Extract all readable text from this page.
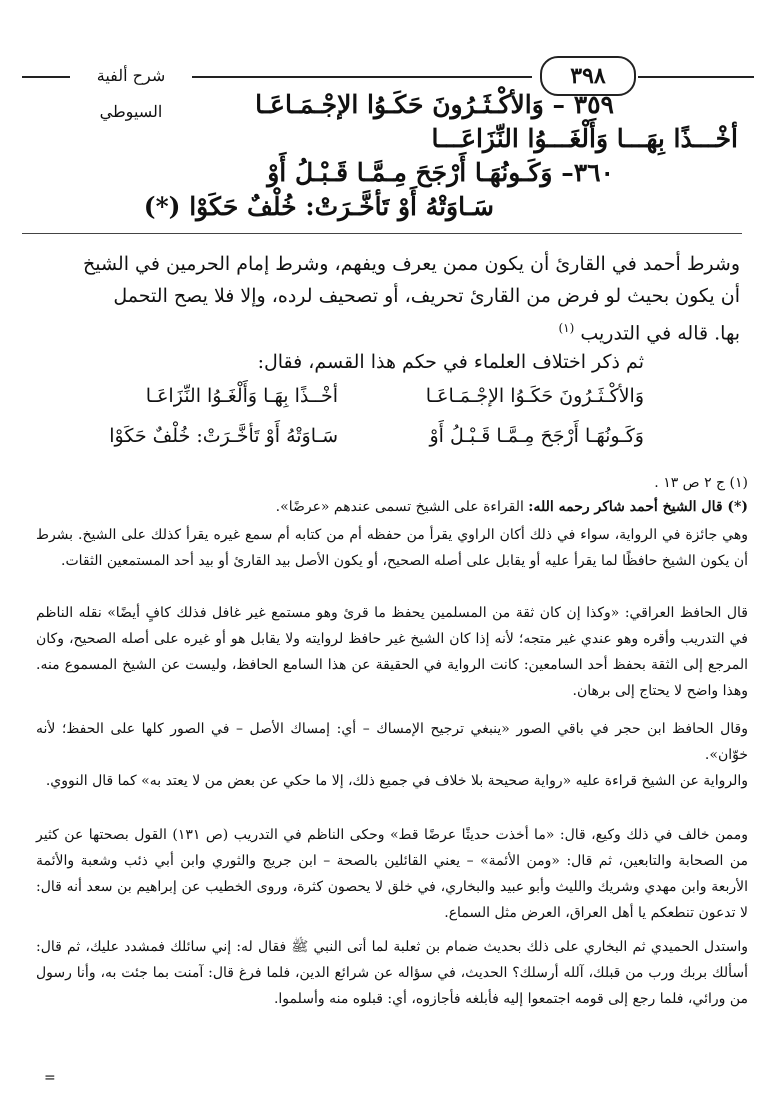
شرح ألفية السيوطي
٣٩٨
٣٥٩ – وَالأكْـثَـرُونَ حَكَـوُا الإجْـمَـاعَـا
أخْـــذًا بِهَـــا وَأَلْغَـــوُا النِّزَاعَـــا
٣٦٠– وَكَـونُهَـا أَرْجَحَ مِـمَّـا قَـبْـلُ أَوْ
سَـاوَتْهُ أَوْ تَأخَّـرَتْ: خُلْفٌ حَكَوْا (*)
وشرط أحمد في القارئ أن يكون ممن يعرف ويفهم، وشرط إمام الحرمين في الشيخ
أن يكون بحيث لو فرض من القارئ تحريف، أو تصحيف لرده، وإلا فلا يصح التحمل
بها. قاله في التدريب $^{(١)}$
ثم ذكر اختلاف العلماء في حكم هذا القسم، فقال:
وَالأكْـثَـرُونَ حَكَـوُا الإجْـمَـاعَـا
أخْــذًا بِهَـا وَأَلْغَـوُا النِّزَاعَـا
وَكَـونُهَـا أَرْجَحَ مِـمَّـا قَـبْـلُ أَوْ
سَـاوَتْهُ أَوْ تَأخَّـرَتْ: خُلْفٌ حَكَوْا
(١) ج ٢ ص ١٣ .
(*) قال الشيخ أحمد شاكر رحمه الله: القراءة على الشيخ تسمى عندهم «عرضًا».
وهي جائزة في الرواية، سواء في ذلك أكان الراوي يقرأ من حفظه أم من كتابه أم سمع غيره يقرأ كذلك على الشيخ. بشرط أن يكون الشيخ حافظًا لما يقرأ عليه أو يقابل على أصله الصحيح، أو يكون الأصل بيد القارئ أو بيد أحد المستمعين الثقات.
قال الحافظ العراقي: «وكذا إن كان ثقة من المسلمين يحفظ ما قرئ وهو مستمع غير غافل فذلك كافٍ أيضًا» نقله الناظم في التدريب وأقره وهو عندي غير متجه؛ لأنه إذا كان الشيخ غير حافظ لروايته ولا يقابل هو أو غيره على أصله الصحيح، وكان المرجع إلى الثقة بحفظ أحد السامعين: كانت الرواية في الحقيقة عن هذا السامع الحافظ، وليست عن الشيخ المسموع منه. وهذا واضح لا يحتاج إلى برهان.
وقال الحافظ ابن حجر في باقي الصور «ينبغي ترجيح الإمساك – أي: إمساك الأصل – في الصور كلها على الحفظ؛ لأنه خوّان».
والرواية عن الشيخ قراءة عليه «رواية صحيحة بلا خلاف في جميع ذلك، إلا ما حكي عن بعض من لا يعتد به» كما قال النووي.
وممن خالف في ذلك وكيع، قال: «ما أخذت حديثًا عرضًا قط» وحكى الناظم في التدريب (ص ١٣١) القول بصحتها عن كثير من الصحابة والتابعين، ثم قال: «ومن الأئمة» – يعني القائلين بالصحة – ابن جريج والثوري وابن أبي ذئب وشعبة والأئمة الأربعة وابن مهدي وشريك والليث وأبو عبيد والبخاري، في خلق لا يحصون كثرة، وروى الخطيب عن إبراهيم بن سعد أنه قال: لا تدعون تنطعكم يا أهل العراق، العرض مثل السماع.
واستدل الحميدي ثم البخاري على ذلك بحديث ضمام بن ثعلبة لما أتى النبي ﷺ فقال له: إني سائلك فمشدد عليك، ثم قال: أسألك بربك ورب من قبلك، آلله أرسلك؟ الحديث، في سؤاله عن شرائع الدين، فلما فرغ قال: آمنت بما جئت به، وأنا رسول من ورائي، فلما رجع إلى قومه اجتمعوا إليه فأبلغه فأجازوه، أي: قبلوه منه وأسلموا.
=
